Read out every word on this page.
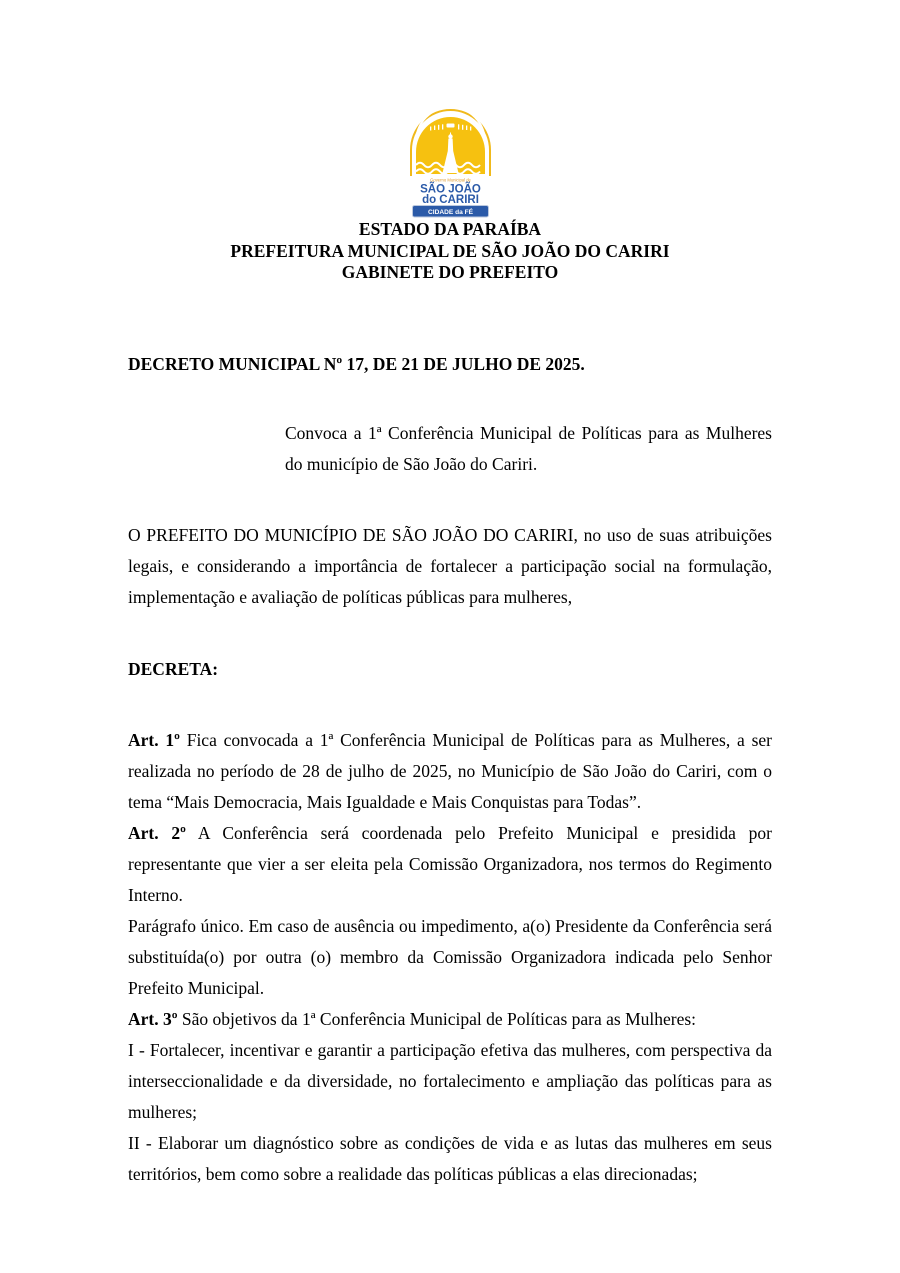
Governo Municipal de
SÃO JOÃO
do CARIRI
CIDADE da FÉ
ESTADO DA PARAÍBA
PREFEITURA MUNICIPAL DE SÃO JOÃO DO CARIRI
GABINETE DO PREFEITO
DECRETO MUNICIPAL Nº 17, DE 21 DE JULHO DE 2025.
Convoca a 1ª Conferência Municipal de Políticas para as Mulheres do município de São João do Cariri.
O PREFEITO DO MUNICÍPIO DE SÃO JOÃO DO CARIRI, no uso de suas atribuições legais, e considerando a importância de fortalecer a participação social na formulação, implementação e avaliação de políticas públicas para mulheres,
DECRETA:

Art. 1º Fica convocada a 1ª Conferência Municipal de Políticas para as Mulheres, a ser realizada no período de 28 de julho de 2025, no Município de São João do Cariri, com o tema “Mais Democracia, Mais Igualdade e Mais Conquistas para Todas”.

Art. 2º A Conferência será coordenada pelo Prefeito Municipal e presidida por representante que vier a ser eleita pela Comissão Organizadora, nos termos do Regimento Interno.

Parágrafo único. Em caso de ausência ou impedimento, a(o) Presidente da Conferência será substituída(o) por outra (o) membro da Comissão Organizadora indicada pelo Senhor Prefeito Municipal.

Art. 3º São objetivos da 1ª Conferência Municipal de Políticas para as Mulheres:

I - Fortalecer, incentivar e garantir a participação efetiva das mulheres, com perspectiva da interseccionalidade e da diversidade, no fortalecimento e ampliação das políticas para as mulheres;

II - Elaborar um diagnóstico sobre as condições de vida e as lutas das mulheres em seus territórios, bem como sobre a realidade das políticas públicas a elas direcionadas;
